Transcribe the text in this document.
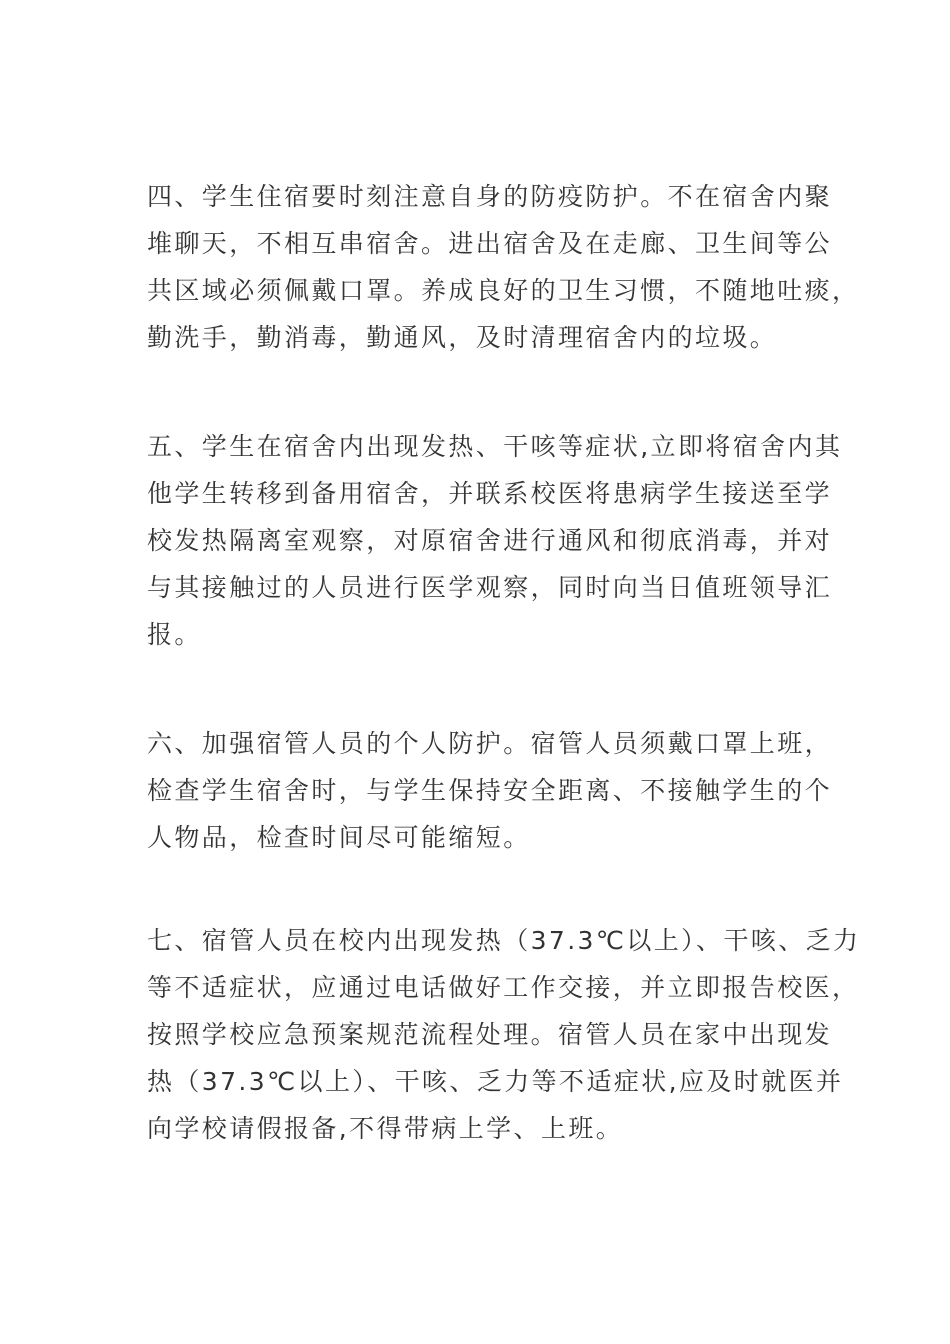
四、学生住宿要时刻注意自身的防疫防护。不在宿舍内聚
堆聊天，不相互串宿舍。进出宿舍及在走廊、卫生间等公
共区域必须佩戴口罩。养成良好的卫生习惯，不随地吐痰，
勤洗手，勤消毒，勤通风，及时清理宿舍内的垃圾。
五、学生在宿舍内出现发热、干咳等症状,立即将宿舍内其
他学生转移到备用宿舍，并联系校医将患病学生接送至学
校发热隔离室观察，对原宿舍进行通风和彻底消毒，并对
与其接触过的人员进行医学观察，同时向当日值班领导汇
报。
六、加强宿管人员的个人防护。宿管人员须戴口罩上班，
检查学生宿舍时，与学生保持安全距离、不接触学生的个
人物品，检查时间尽可能缩短。
七、宿管人员在校内出现发热（37.3℃以上）、干咳、乏力
等不适症状，应通过电话做好工作交接，并立即报告校医，
按照学校应急预案规范流程处理。宿管人员在家中出现发
热（37.3℃以上）、干咳、乏力等不适症状,应及时就医并
向学校请假报备,不得带病上学、上班。
